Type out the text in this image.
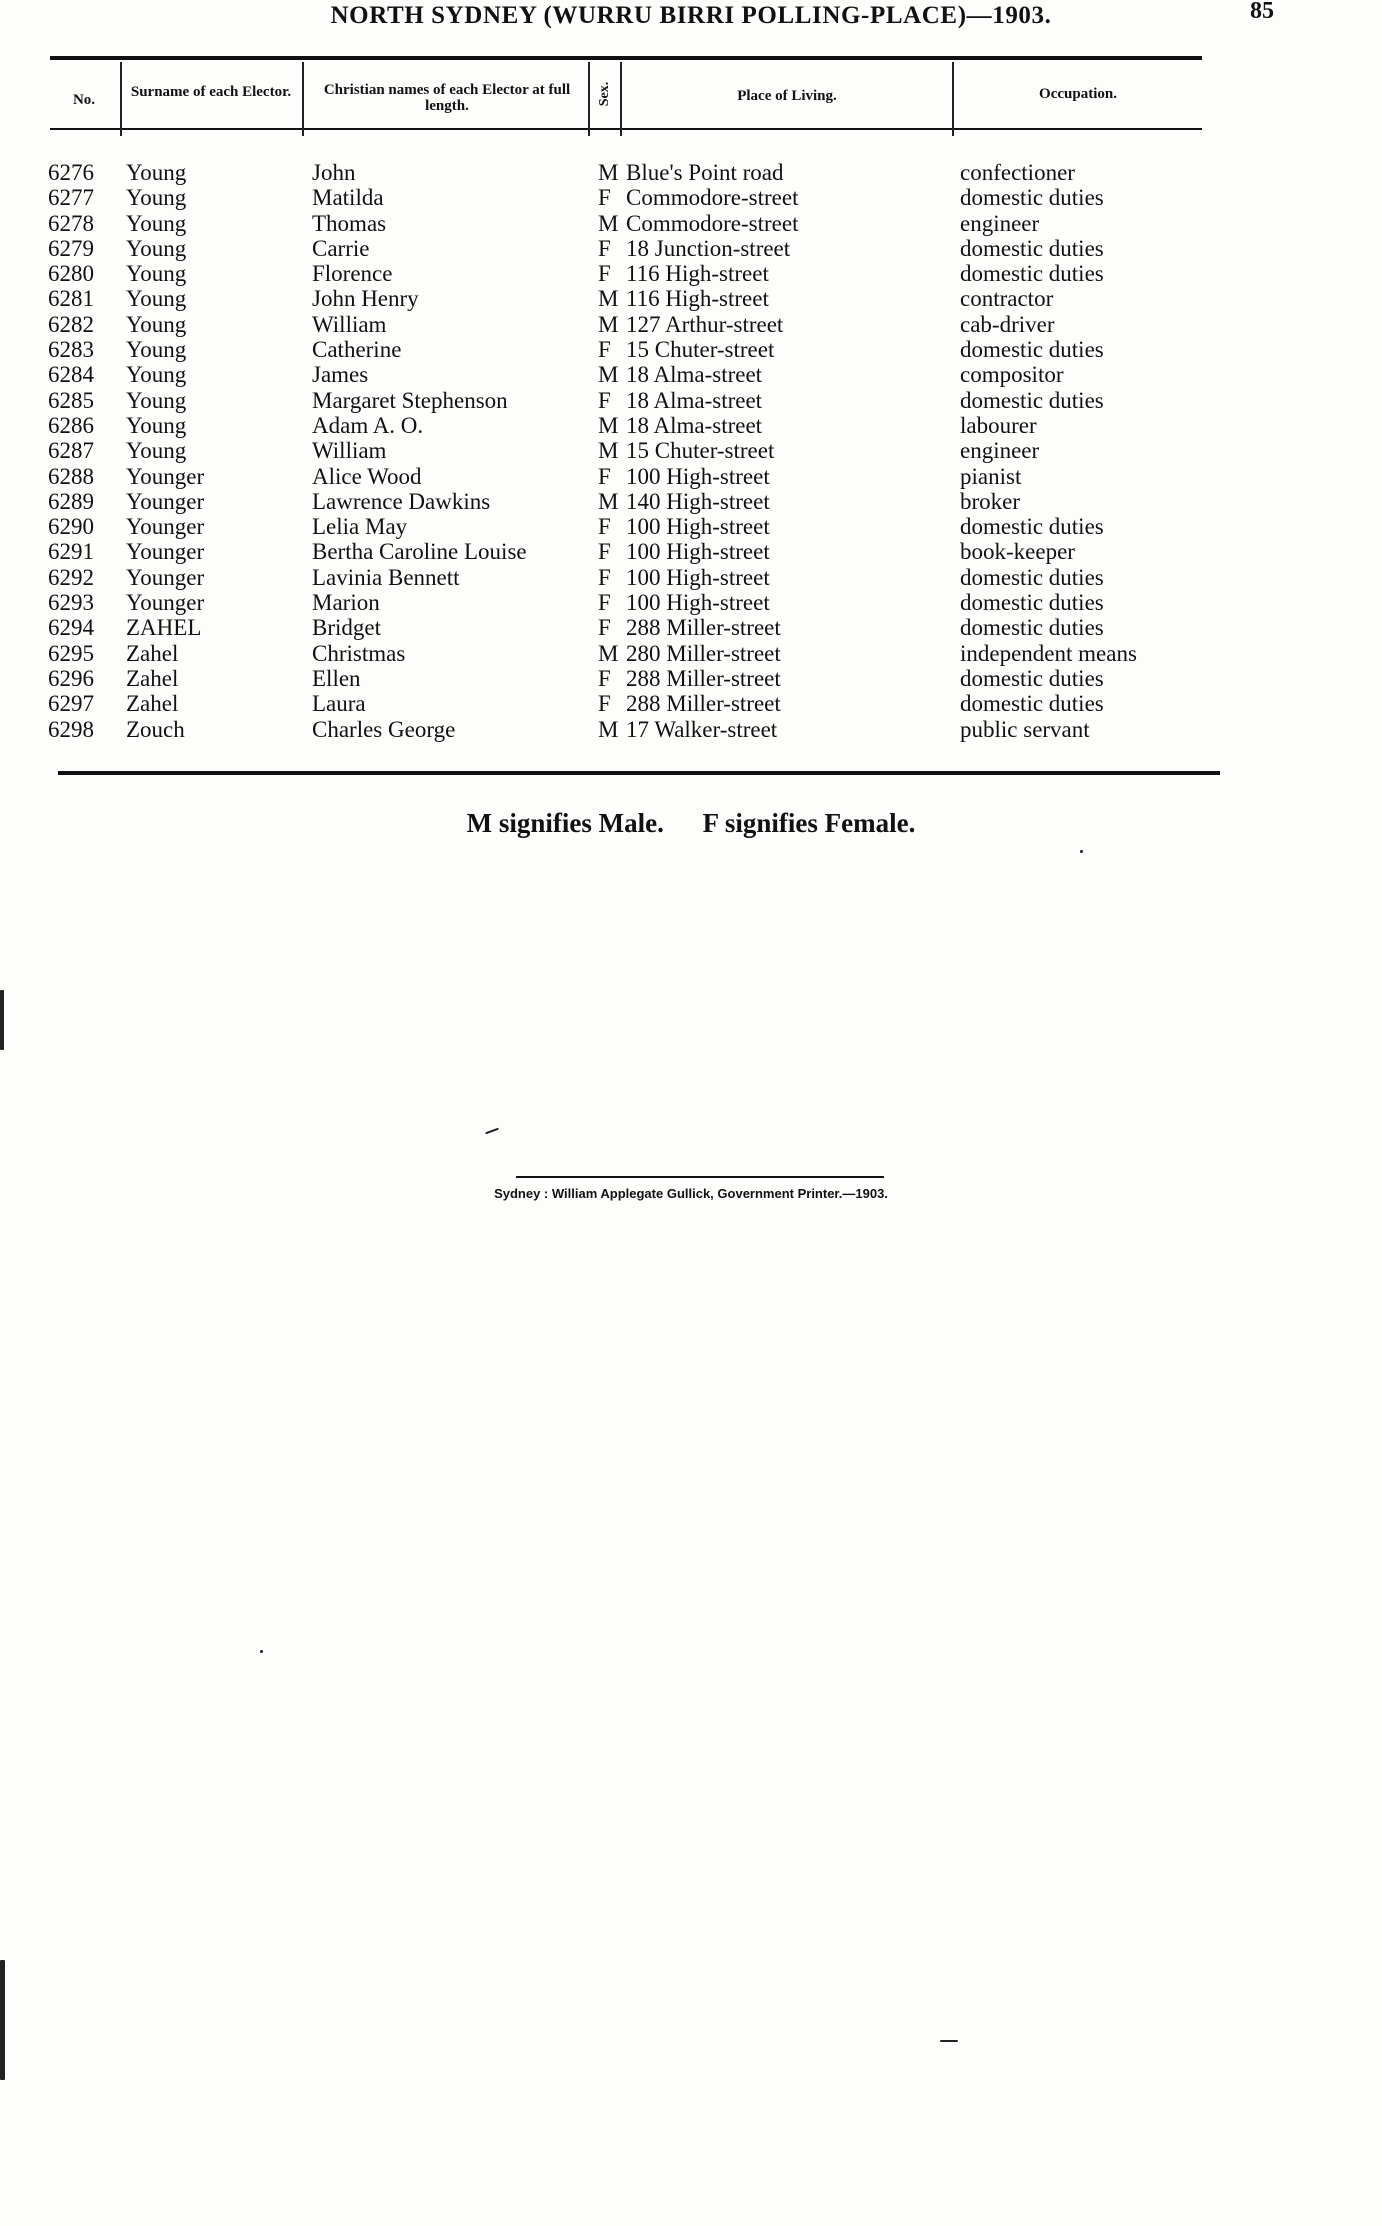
NORTH SYDNEY (WURRU BIRRI POLLING-PLACE)—1903.	85
No.	Surname of each Elector.	Christian names of each Elector at full length.	Sex.	Place of Living.	Occupation.
6276 Young	John	M Blue's Point road	confectioner
6277 Young	Matilda	F Commodore-street	domestic duties
6278 Young	Thomas	M Commodore-street	engineer
6279 Young	Carrie	F 18 Junction-street	domestic duties
6280 Young	Florence	F 116 High-street	domestic duties
6281 Young	John Henry	M 116 High-street	contractor
6282 Young	William	M 127 Arthur-street	cab-driver
6283 Young	Catherine	F 15 Chuter-street	domestic duties
6284 Young	James	M 18 Alma-street	compositor
6285 Young	Margaret Stephenson	F 18 Alma-street	domestic duties
6286 Young	Adam A. O.	M 18 Alma-street	labourer
6287 Young	William	M 15 Chuter-street	engineer
6288 Younger	Alice Wood	F 100 High-street	pianist
6289 Younger	Lawrence Dawkins	M 140 High-street	broker
6290 Younger	Lelia May	F 100 High-street	domestic duties
6291 Younger	Bertha Caroline Louise	F 100 High-street	book-keeper
6292 Younger	Lavinia Bennett	F 100 High-street	domestic duties
6293 Younger	Marion	F 100 High-street	domestic duties
6294 ZAHEL	Bridget	F 288 Miller-street	domestic duties
6295 Zahel	Christmas	M 280 Miller-street	independent means
6296 Zahel	Ellen	F 288 Miller-street	domestic duties
6297 Zahel	Laura	F 288 Miller-street	domestic duties
6298 Zouch	Charles George	M 17 Walker-street	public servant
M signifies Male. F signifies Female.
Sydney : William Applegate Gullick, Government Printer.—1903.
